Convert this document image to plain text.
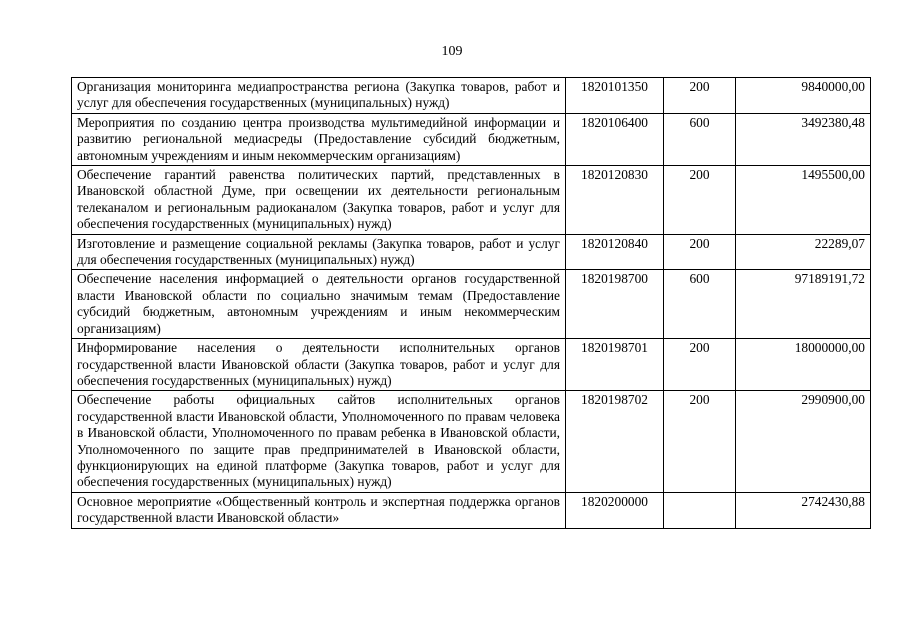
109
Организация мониторинга медиапространства региона (Закупка товаров, работ и услуг для обеспечения государственных (муниципальных) нужд)	1820101350	200	9840000,00
Мероприятия по созданию центра производства мультимедийной информации и развитию региональной медиасреды (Предоставление субсидий бюджетным, автономным учреждениям и иным некоммерческим организациям)	1820106400	600	3492380,48
Обеспечение гарантий равенства политических партий, представленных в Ивановской областной Думе, при освещении их деятельности региональным телеканалом и региональным радиоканалом (Закупка товаров, работ и услуг для обеспечения государственных (муниципальных) нужд)	1820120830	200	1495500,00
Изготовление и размещение социальной рекламы (Закупка товаров, работ и услуг для обеспечения государственных (муниципальных) нужд)	1820120840	200	22289,07
Обеспечение населения информацией о деятельности органов государственной власти Ивановской области по социально значимым темам (Предоставление субсидий бюджетным, автономным учреждениям и иным некоммерческим организациям)	1820198700	600	97189191,72
Информирование населения о деятельности исполнительных органов государственной власти Ивановской области (Закупка товаров, работ и услуг для обеспечения государственных (муниципальных) нужд)	1820198701	200	18000000,00
Обеспечение работы официальных сайтов исполнительных органов государственной власти Ивановской области, Уполномоченного по правам человека в Ивановской области, Уполномоченного по правам ребенка в Ивановской области, Уполномоченного по защите прав предпринимателей в Ивановской области, функционирующих на единой платформе (Закупка товаров, работ и услуг для обеспечения государственных (муниципальных) нужд)	1820198702	200	2990900,00
Основное мероприятие «Общественный контроль и экспертная поддержка органов государственной власти Ивановской области»	1820200000		2742430,88
